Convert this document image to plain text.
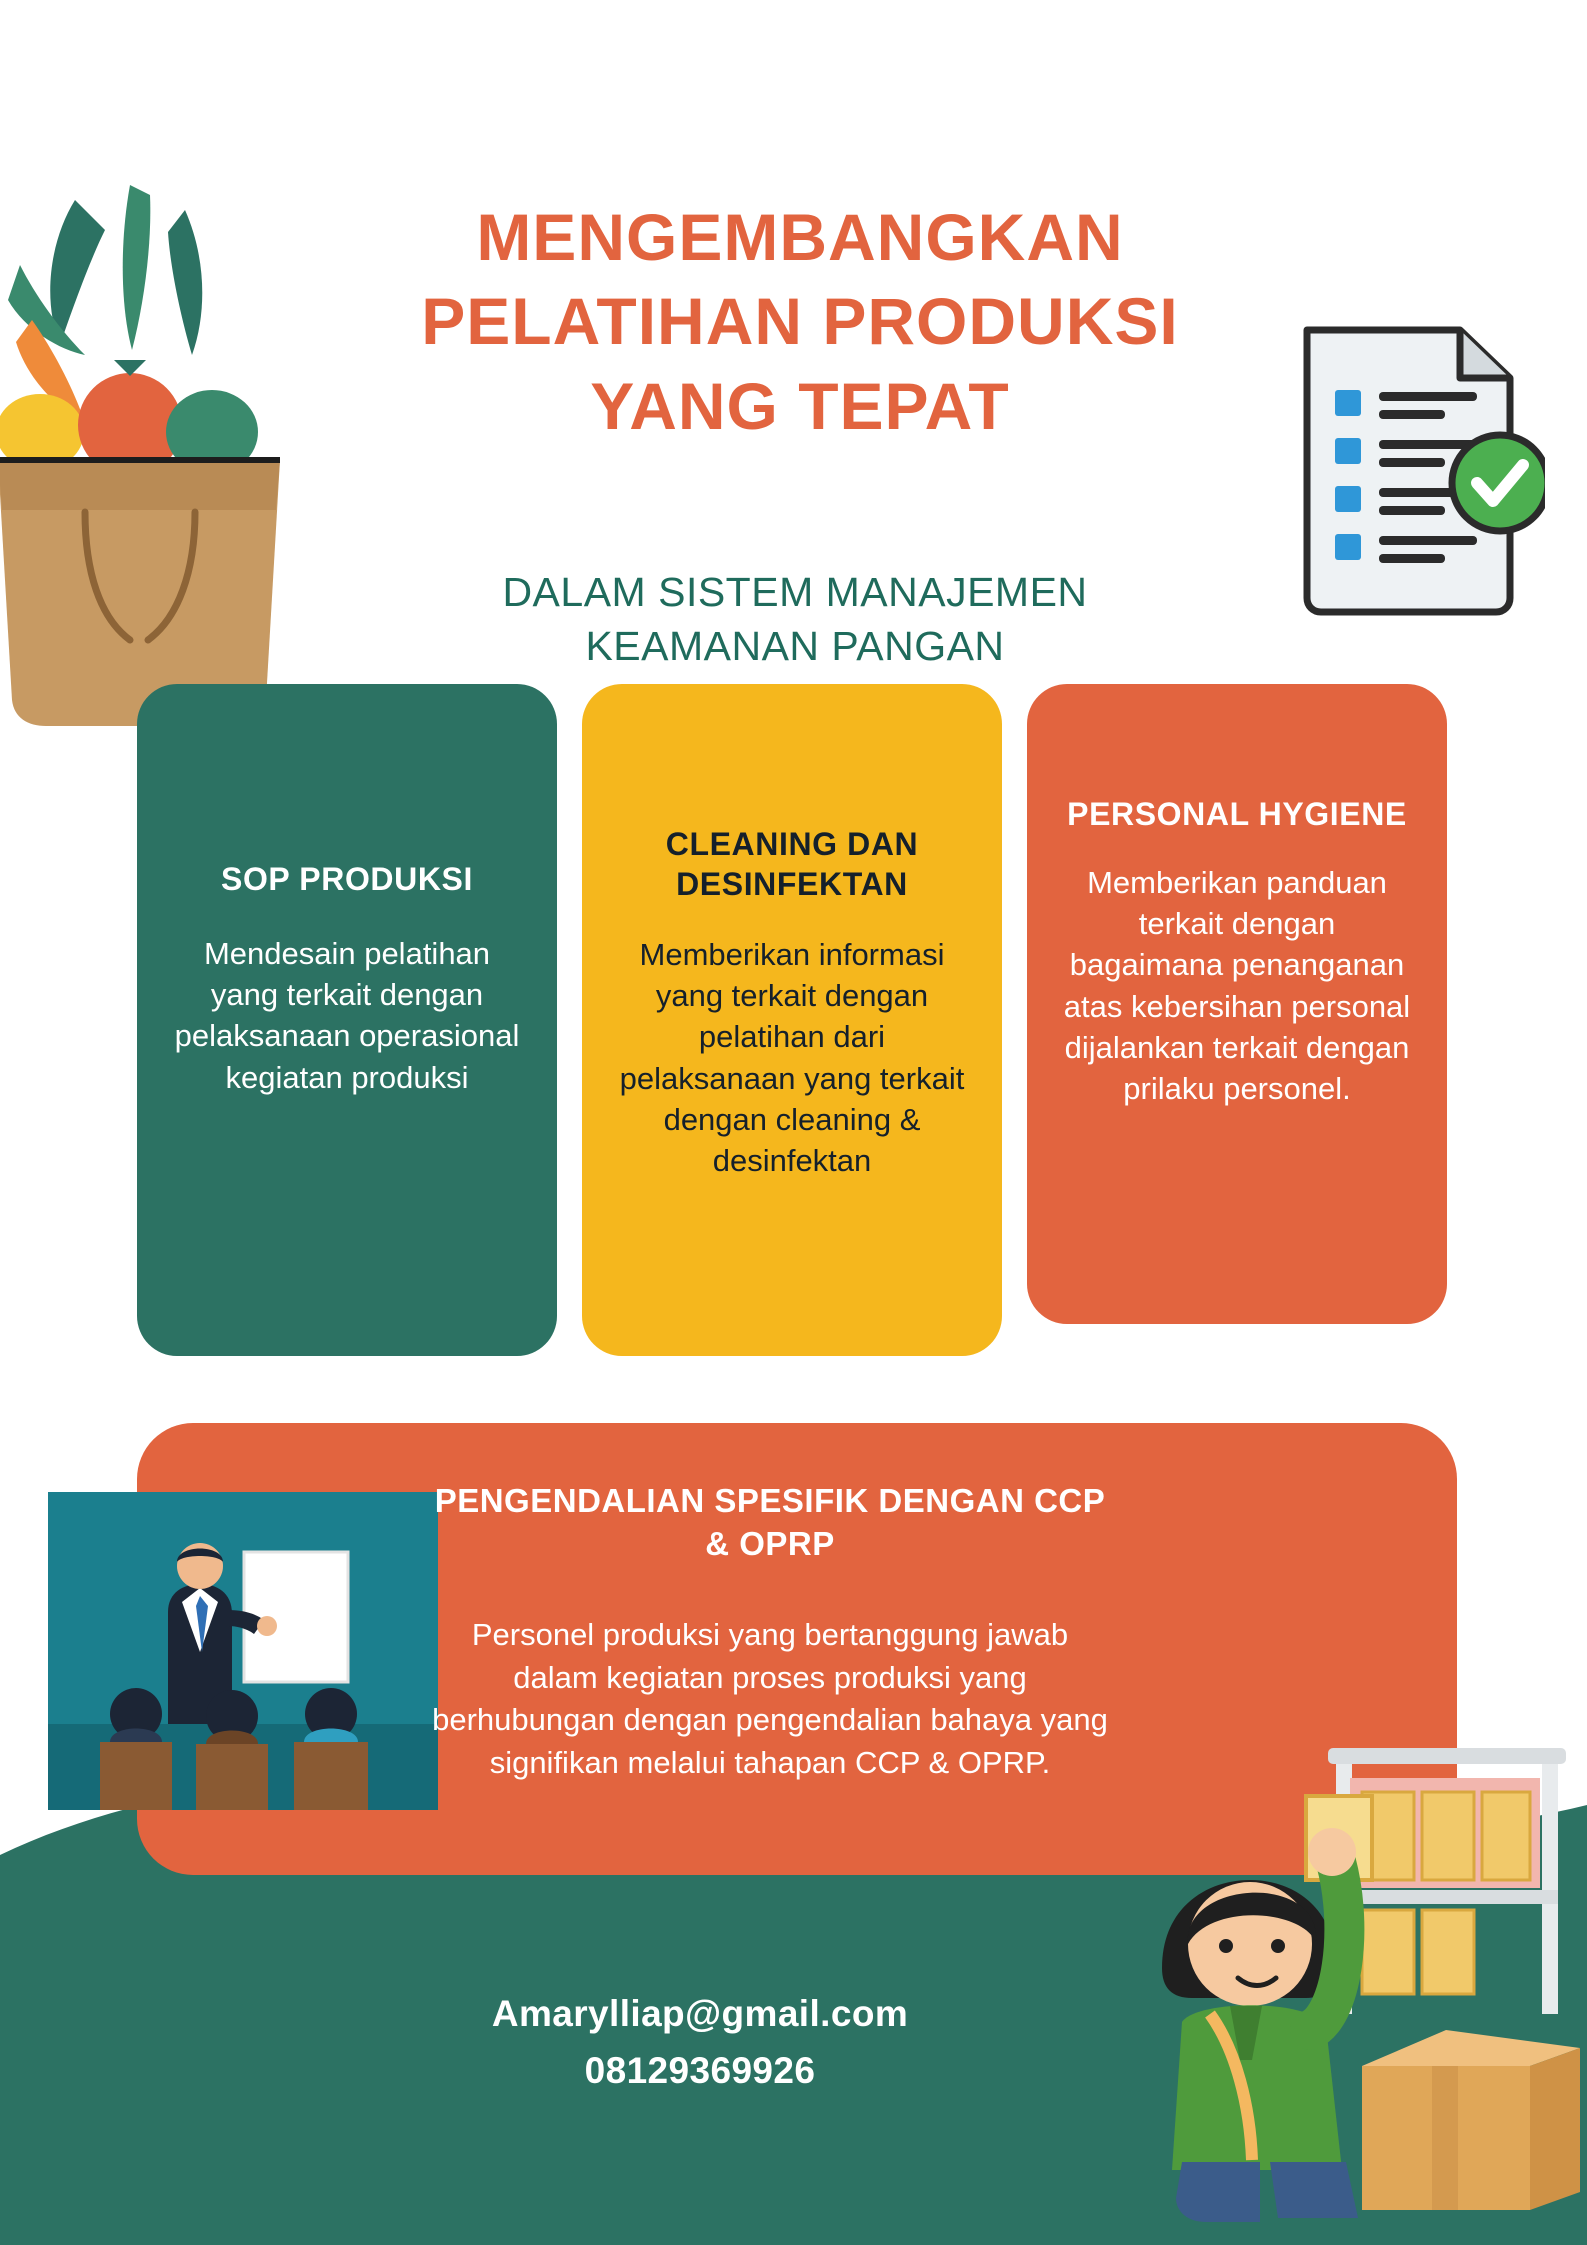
MENGEMBANGKAN
PELATIHAN PRODUKSI
YANG TEPAT
DALAM SISTEM MANAJEMEN
KEAMANAN PANGAN
SOP PRODUKSI
Mendesain pelatihan yang terkait dengan pelaksanaan operasional kegiatan produksi
CLEANING DAN DESINFEKTAN
Memberikan informasi yang terkait dengan pelatihan dari pelaksanaan yang terkait dengan cleaning & desinfektan
PERSONAL HYGIENE
Memberikan panduan terkait dengan bagaimana penanganan atas kebersihan personal dijalankan terkait dengan prilaku personel.
PENGENDALIAN SPESIFIK DENGAN CCP & OPRP
Personel produksi yang bertanggung jawab dalam kegiatan proses produksi yang berhubungan dengan pengendalian bahaya yang signifikan melalui tahapan CCP & OPRP.
Amarylliap@gmail.com
08129369926
